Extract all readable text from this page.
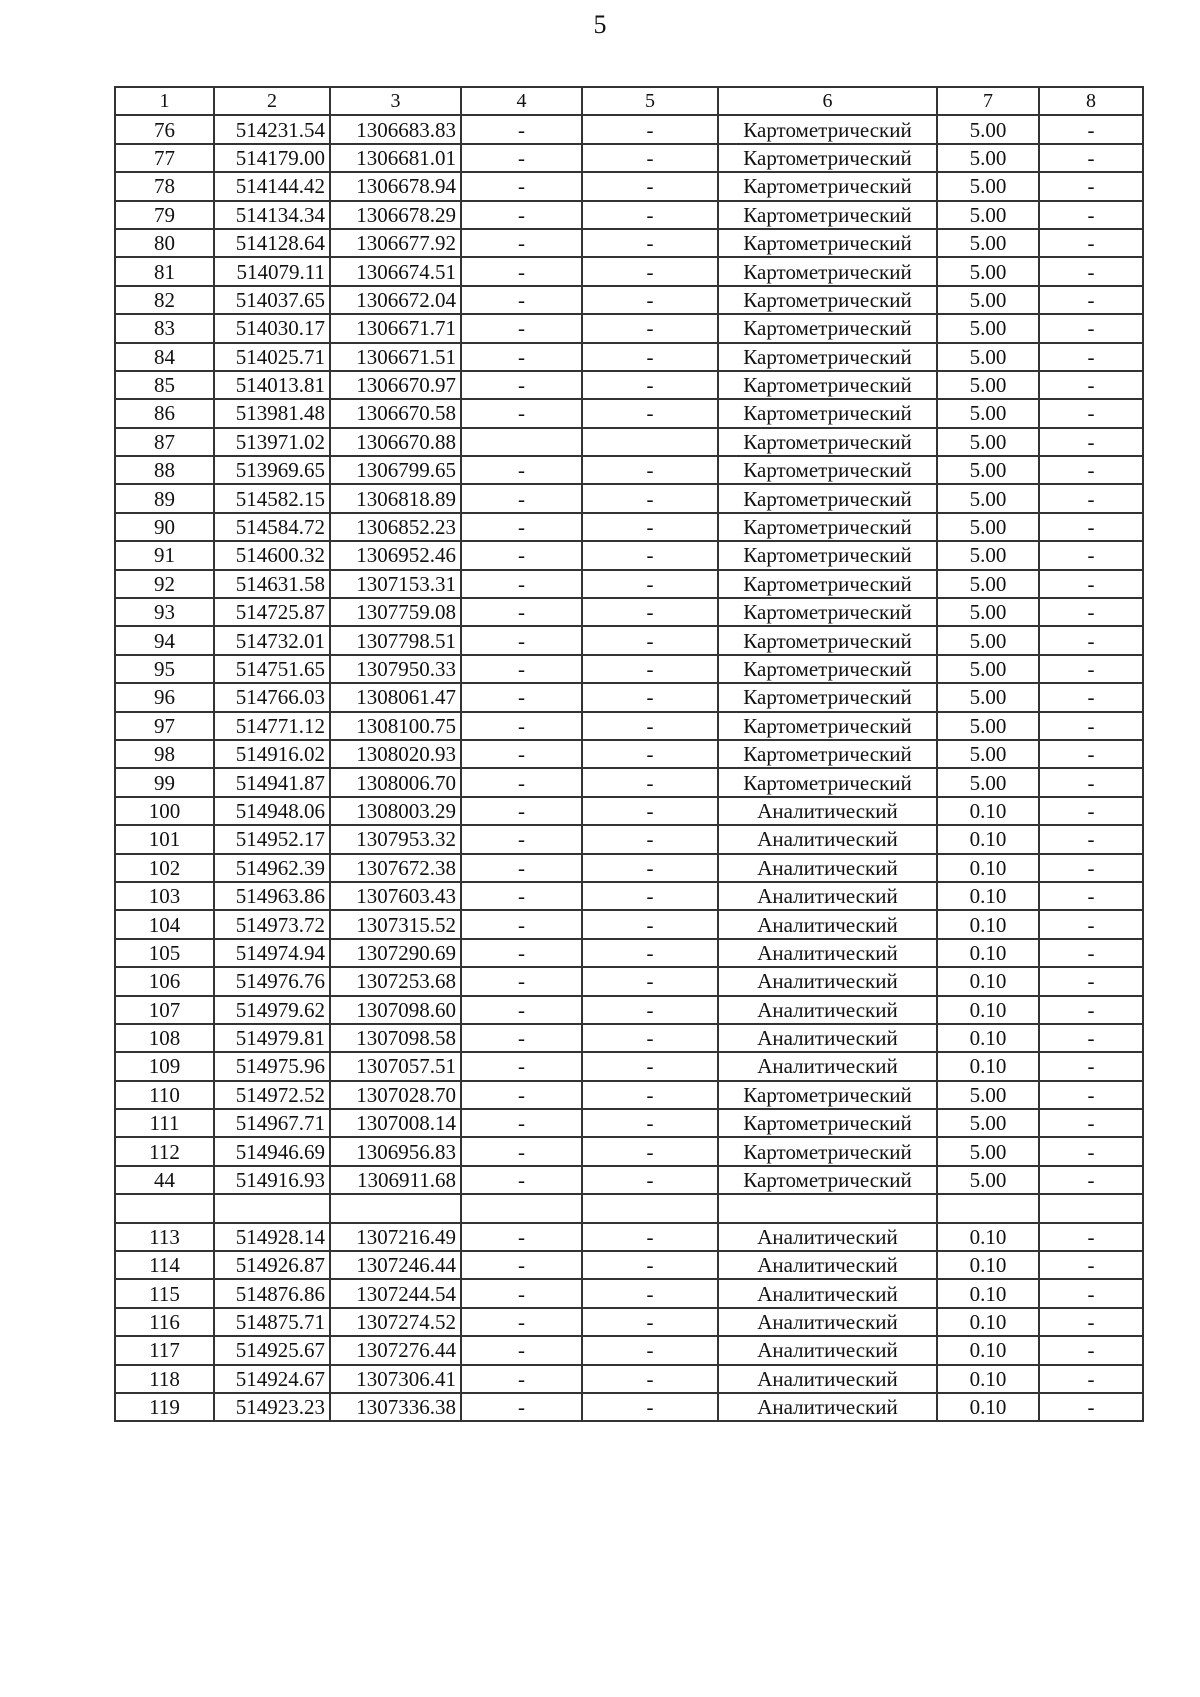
5
1	2	3	4	5	6	7	8
76	514231.54	1306683.83	-	-	Картометрический	5.00	-
77	514179.00	1306681.01	-	-	Картометрический	5.00	-
78	514144.42	1306678.94	-	-	Картометрический	5.00	-
79	514134.34	1306678.29	-	-	Картометрический	5.00	-
80	514128.64	1306677.92	-	-	Картометрический	5.00	-
81	514079.11	1306674.51	-	-	Картометрический	5.00	-
82	514037.65	1306672.04	-	-	Картометрический	5.00	-
83	514030.17	1306671.71	-	-	Картометрический	5.00	-
84	514025.71	1306671.51	-	-	Картометрический	5.00	-
85	514013.81	1306670.97	-	-	Картометрический	5.00	-
86	513981.48	1306670.58	-	-	Картометрический	5.00	-
87	513971.02	1306670.88			Картометрический	5.00	-
88	513969.65	1306799.65	-	-	Картометрический	5.00	-
89	514582.15	1306818.89	-	-	Картометрический	5.00	-
90	514584.72	1306852.23	-	-	Картометрический	5.00	-
91	514600.32	1306952.46	-	-	Картометрический	5.00	-
92	514631.58	1307153.31	-	-	Картометрический	5.00	-
93	514725.87	1307759.08	-	-	Картометрический	5.00	-
94	514732.01	1307798.51	-	-	Картометрический	5.00	-
95	514751.65	1307950.33	-	-	Картометрический	5.00	-
96	514766.03	1308061.47	-	-	Картометрический	5.00	-
97	514771.12	1308100.75	-	-	Картометрический	5.00	-
98	514916.02	1308020.93	-	-	Картометрический	5.00	-
99	514941.87	1308006.70	-	-	Картометрический	5.00	-
100	514948.06	1308003.29	-	-	Аналитический	0.10	-
101	514952.17	1307953.32	-	-	Аналитический	0.10	-
102	514962.39	1307672.38	-	-	Аналитический	0.10	-
103	514963.86	1307603.43	-	-	Аналитический	0.10	-
104	514973.72	1307315.52	-	-	Аналитический	0.10	-
105	514974.94	1307290.69	-	-	Аналитический	0.10	-
106	514976.76	1307253.68	-	-	Аналитический	0.10	-
107	514979.62	1307098.60	-	-	Аналитический	0.10	-
108	514979.81	1307098.58	-	-	Аналитический	0.10	-
109	514975.96	1307057.51	-	-	Аналитический	0.10	-
110	514972.52	1307028.70	-	-	Картометрический	5.00	-
111	514967.71	1307008.14	-	-	Картометрический	5.00	-
112	514946.69	1306956.83	-	-	Картометрический	5.00	-
44	514916.93	1306911.68	-	-	Картометрический	5.00	-

113	514928.14	1307216.49	-	-	Аналитический	0.10	-
114	514926.87	1307246.44	-	-	Аналитический	0.10	-
115	514876.86	1307244.54	-	-	Аналитический	0.10	-
116	514875.71	1307274.52	-	-	Аналитический	0.10	-
117	514925.67	1307276.44	-	-	Аналитический	0.10	-
118	514924.67	1307306.41	-	-	Аналитический	0.10	-
119	514923.23	1307336.38	-	-	Аналитический	0.10	-
